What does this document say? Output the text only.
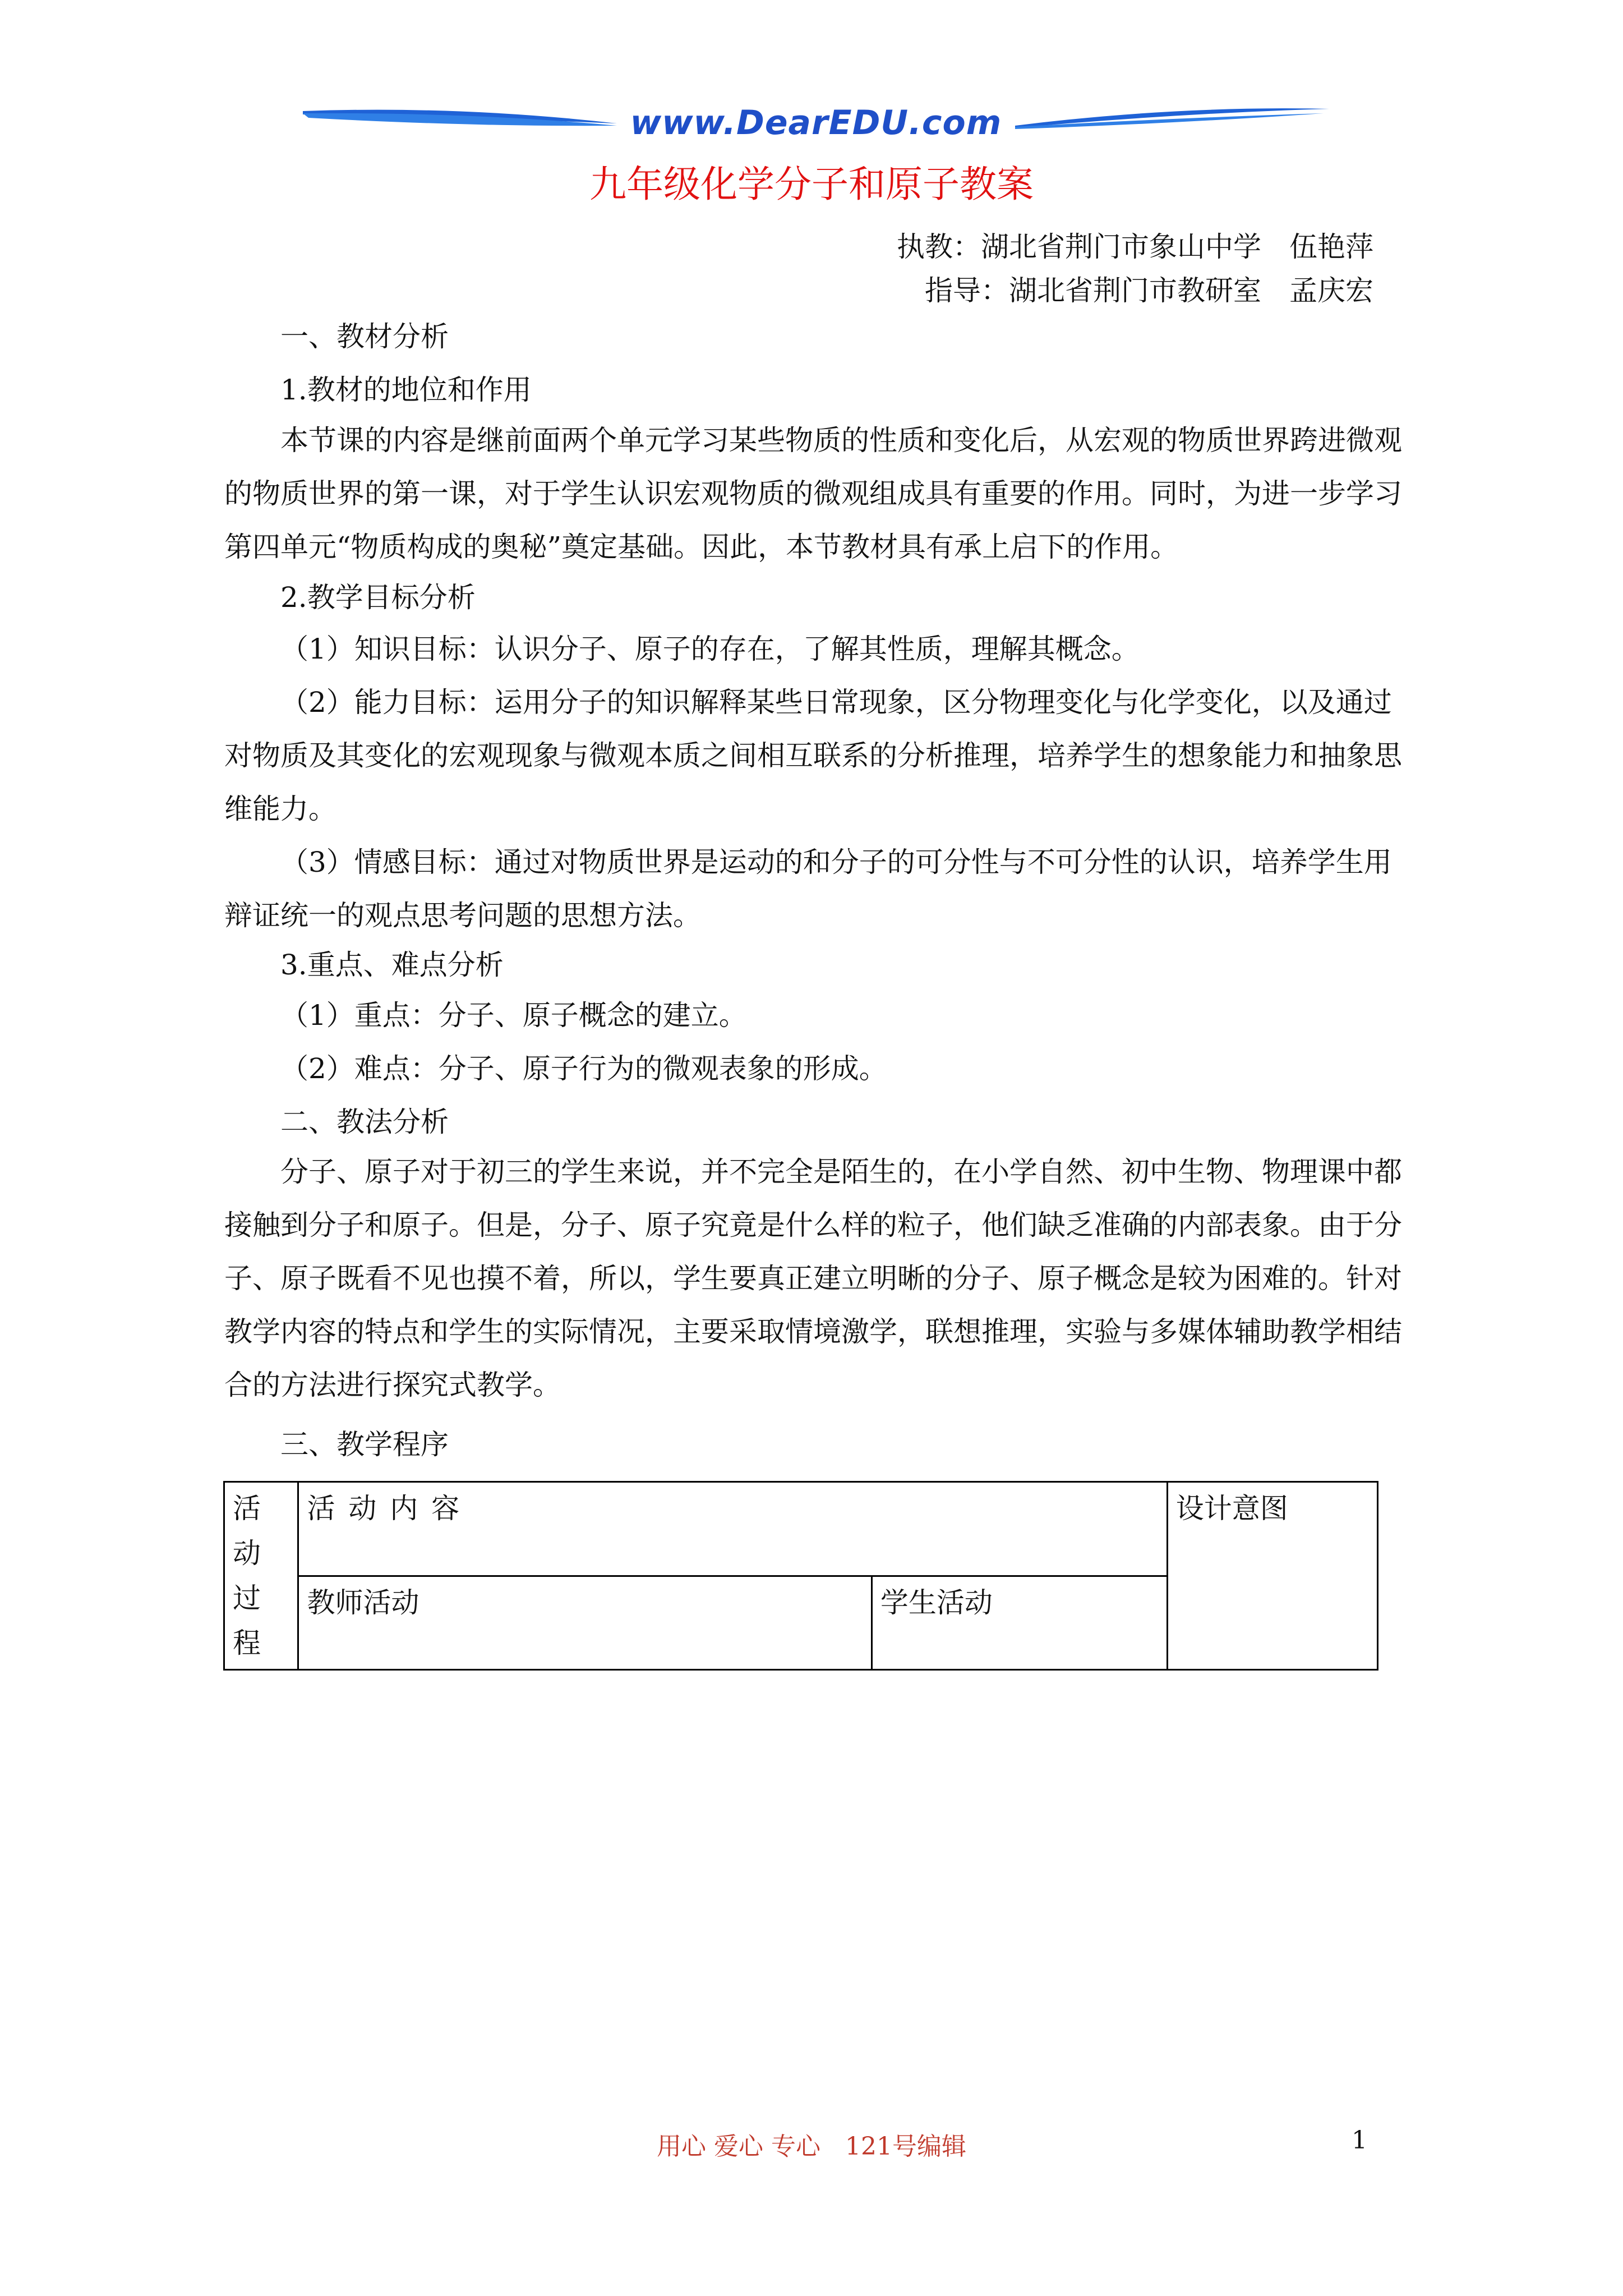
www.DearEDU.com
九年级化学分子和原子教案
执教：湖北省荆门市象山中学　伍艳萍
指导：湖北省荆门市教研室　孟庆宏
一、教材分析
1.教材的地位和作用
本节课的内容是继前面两个单元学习某些物质的性质和变化后，从宏观的物质世界跨进微观的物质世界的第一课，对于学生认识宏观物质的微观组成具有重要的作用。同时，为进一步学习第四单元“物质构成的奥秘”奠定基础。因此，本节教材具有承上启下的作用。
2.教学目标分析
（1）知识目标：认识分子、原子的存在，了解其性质，理解其概念。
（2）能力目标：运用分子的知识解释某些日常现象，区分物理变化与化学变化，以及通过对物质及其变化的宏观现象与微观本质之间相互联系的分析推理，培养学生的想象能力和抽象思维能力。
（3）情感目标：通过对物质世界是运动的和分子的可分性与不可分性的认识，培养学生用辩证统一的观点思考问题的思想方法。
3.重点、难点分析
（1）重点：分子、原子概念的建立。
（2）难点：分子、原子行为的微观表象的形成。
二、教法分析
分子、原子对于初三的学生来说，并不完全是陌生的，在小学自然、初中生物、物理课中都接触到分子和原子。但是，分子、原子究竟是什么样的粒子，他们缺乏准确的内部表象。由于分子、原子既看不见也摸不着，所以，学生要真正建立明晰的分子、原子概念是较为困难的。针对教学内容的特点和学生的实际情况，主要采取情境激学，联想推理，实验与多媒体辅助教学相结合的方法进行探究式教学。
三、教学程序
活 动 过程	活 动 内 容		设计意图
	教师活动	学生活动	
用心 爱心 专心　121号编辑	1
